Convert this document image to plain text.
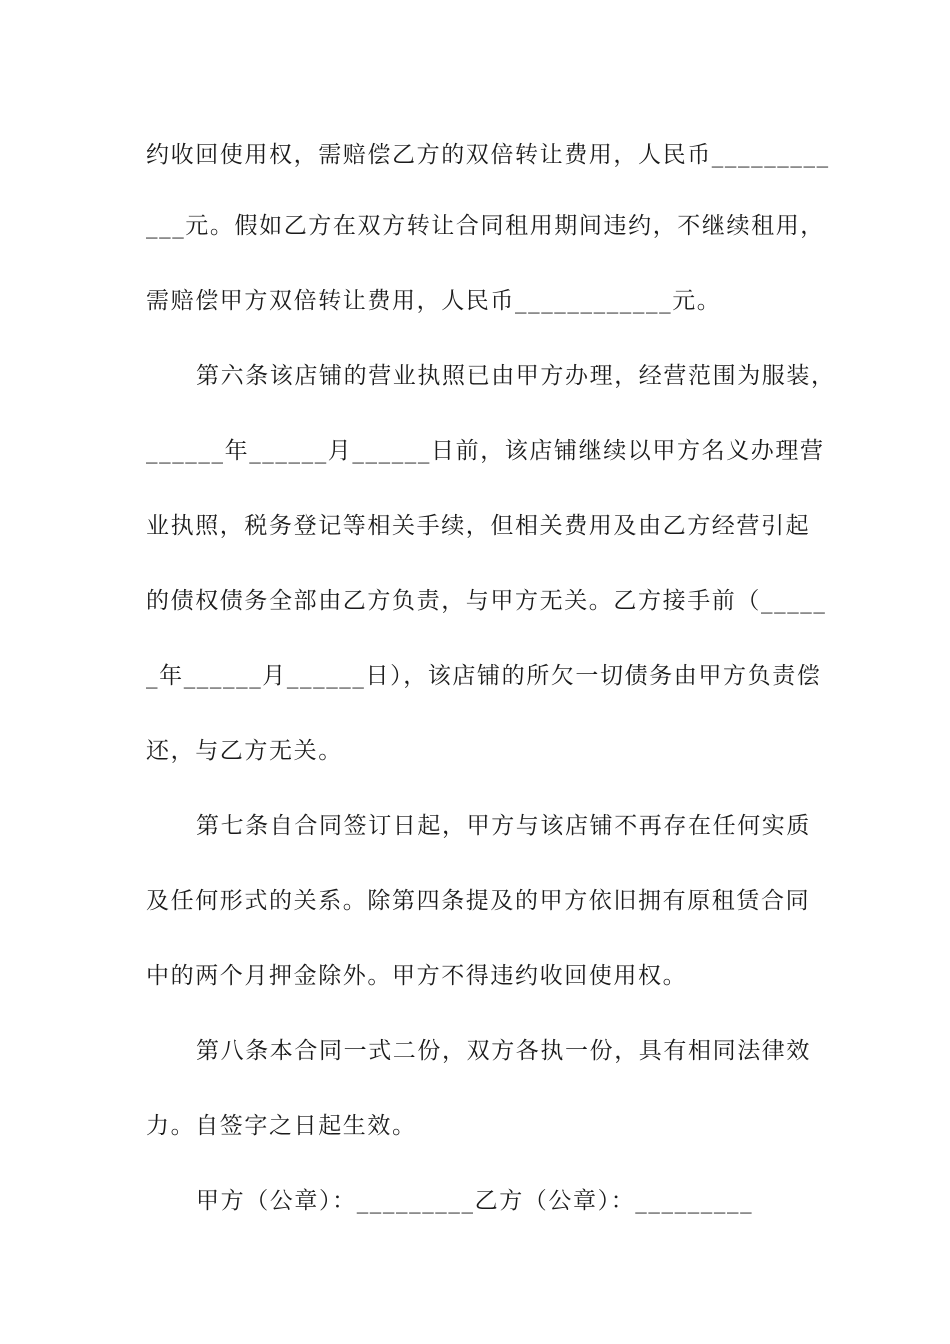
约收回使用权，需赔偿乙方的双倍转让费用，人民币_________
___元。假如乙方在双方转让合同租用期间违约，不继续租用，
需赔偿甲方双倍转让费用，人民币____________元。
第六条该店铺的营业执照已由甲方办理，经营范围为服装，
______年______月______日前，该店铺继续以甲方名义办理营
业执照，税务登记等相关手续，但相关费用及由乙方经营引起
的债权债务全部由乙方负责，与甲方无关。乙方接手前（_____
_年______月______日），该店铺的所欠一切债务由甲方负责偿
还，与乙方无关。
第七条自合同签订日起，甲方与该店铺不再存在任何实质
及任何形式的关系。除第四条提及的甲方依旧拥有原租赁合同
中的两个月押金除外。甲方不得违约收回使用权。
第八条本合同一式二份，双方各执一份，具有相同法律效
力。自签字之日起生效。
甲方（公章）：_________乙方（公章）：_________
